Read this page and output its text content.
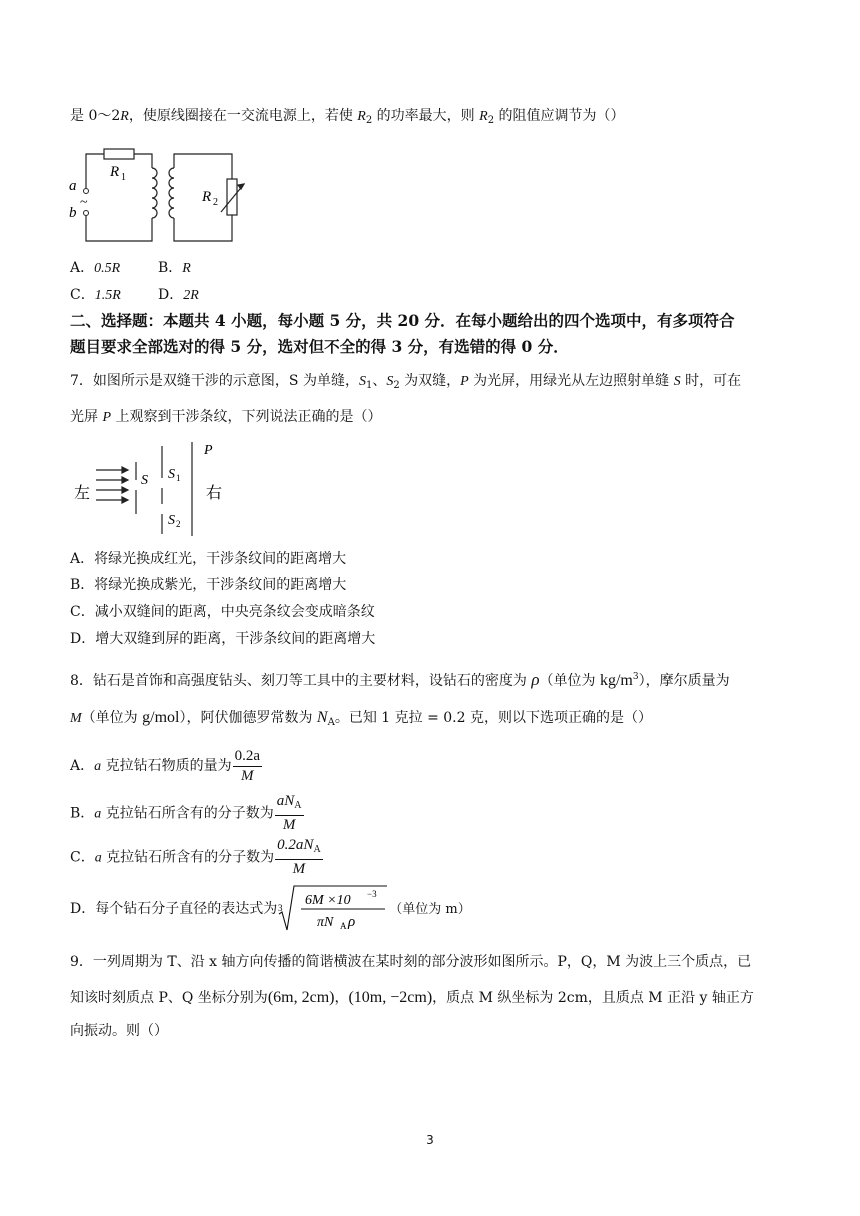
是 0～2R，使原线圈接在一交流电源上，若使 $R_2$ 的功率最大，则 $R_2$ 的阻值应调节为（）
a
b
~
R 1
R 2
A．0.5R	B．R
C．1.5R	D．2R
二、选择题：本题共 4 小题，每小题 5 分，共 20 分．在每小题给出的四个选项中，有多项符合
题目要求全部选对的得 5 分，选对但不全的得 3 分，有选错的得 0 分．
7．如图所示是双缝干涉的示意图，S 为单缝，$S_1$、$S_2$ 为双缝，P 为光屏，用绿光从左边照射单缝 S 时，可在
光屏 P 上观察到干涉条纹，下列说法正确的是（）
左	右
S S 1
S 2
P
A．将绿光换成红光，干涉条纹间的距离增大
B．将绿光换成紫光，干涉条纹间的距离增大
C．减小双缝间的距离，中央亮条纹会变成暗条纹
D．增大双缝到屏的距离，干涉条纹间的距离增大
8．钻石是首饰和高强度钻头、刻刀等工具中的主要材料，设钻石的密度为 ρ（单位为 $kg/m^3$），摩尔质量为
M（单位为 g/mol），阿伏伽德罗常数为 $N_A$。已知 1 克拉 = 0.2 克，则以下选项正确的是（）
A．a 克拉钻石物质的量为 $\frac{0.2a}{M}$
B．a 克拉钻石所含有的分子数为 $\frac{aN_A}{M}$
C．a 克拉钻石所含有的分子数为 $\frac{0.2aN_A}{M}$
D．每个钻石分子直径的表达式为 3 6M ×10 −3
πN A ρ
（单位为 m）
9．一列周期为 T、沿 x 轴方向传播的简谐横波在某时刻的部分波形如图所示。P，Q，M 为波上三个质点，已
知该时刻质点 P、Q 坐标分别为(6m, 2cm)，(10m, −2cm)，质点 M 纵坐标为 2cm，且质点 M 正沿 y 轴正方
向振动。则（）
3
